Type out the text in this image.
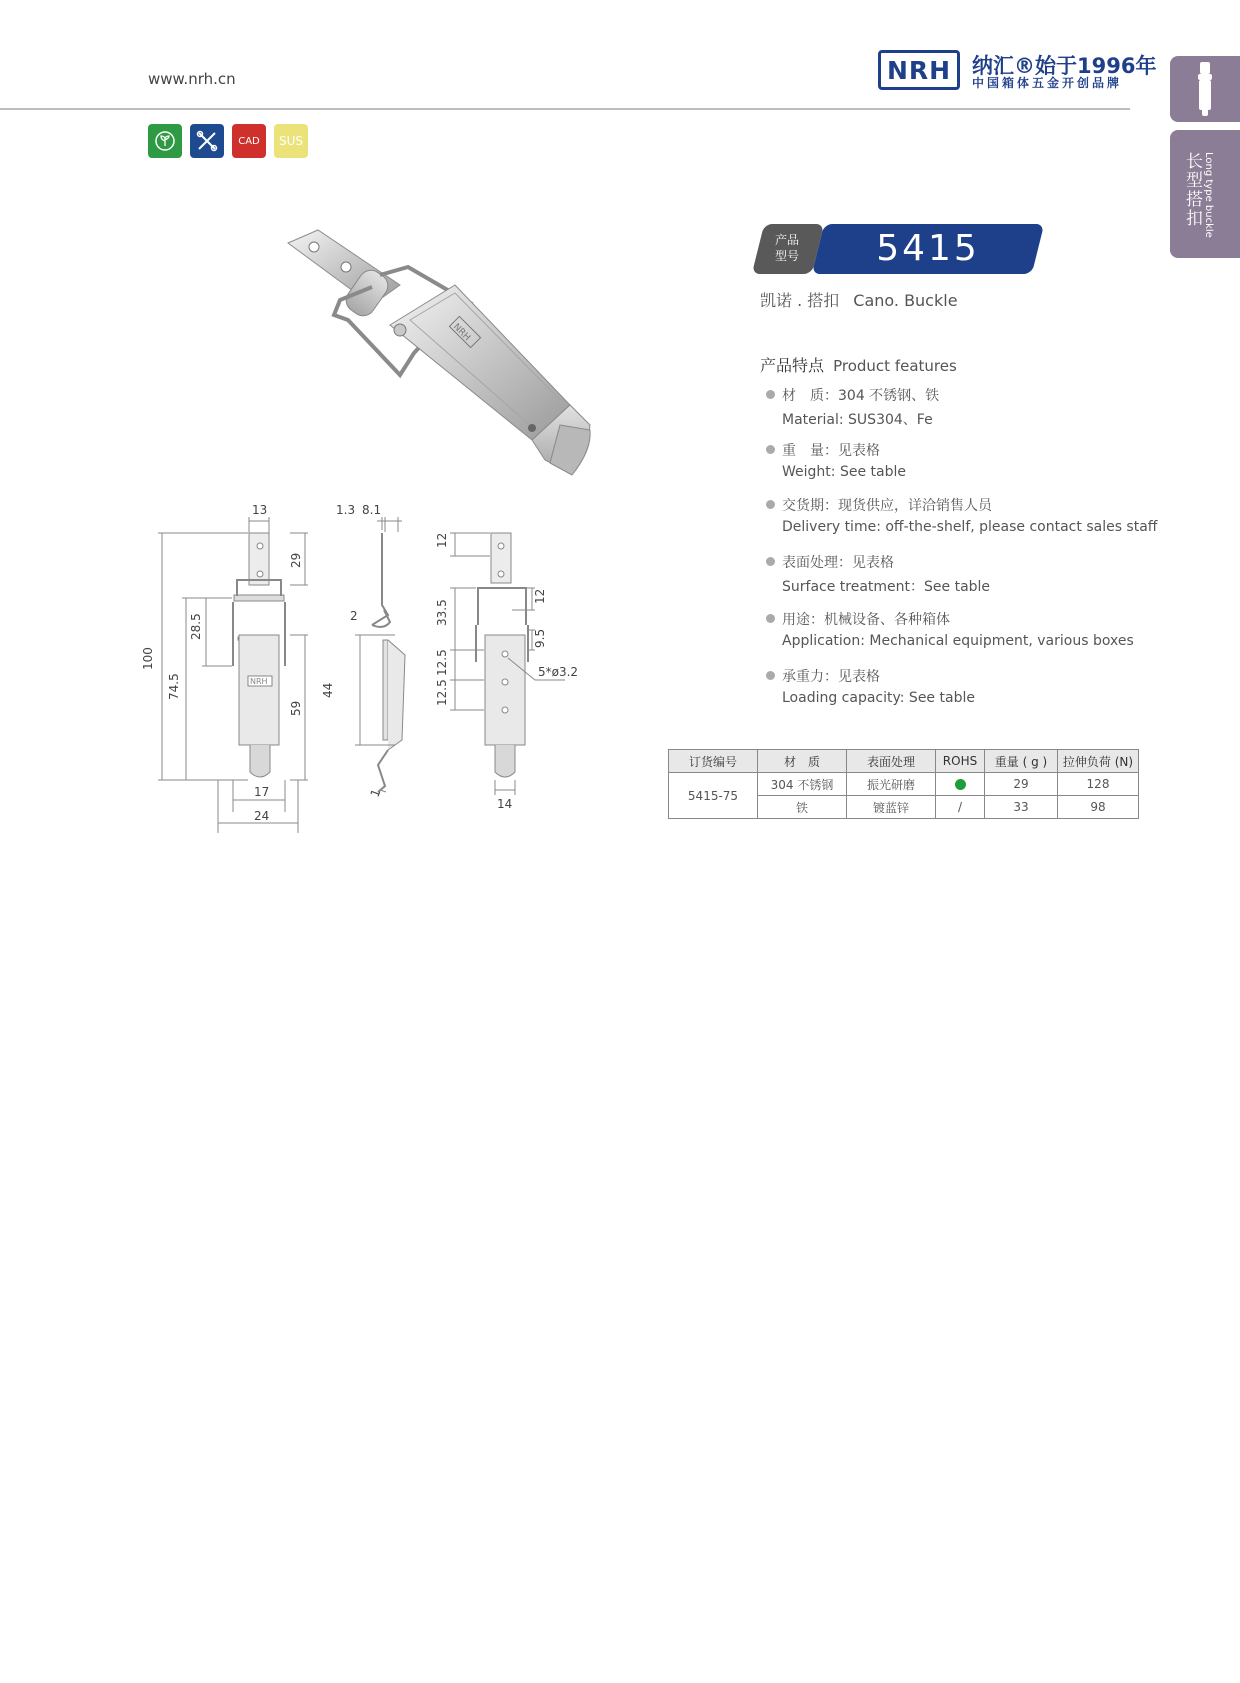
www.nrh.cn	NRH 纳汇®始于1996年
中国箱体五金开创品牌
长型搭扣 Long type buckle
CAD SUS
NRH
NRH
13
29
100
74.5
28.5
59
17
24
1.3 8.1
2
44
1
12
33.5
12.5
12.5
12
9.5
5*ø3.2
14
产品
型号	5415
凯诺 . 搭扣 Cano. Buckle
产品特点 Product features
材　质：304 不锈钢、铁
Material: SUS304、Fe
重　量：见表格
Weight: See table
交货期：现货供应，详洽销售人员
Delivery time: off-the-shelf, please contact sales staff
表面处理：见表格
Surface treatment：See table
用途：机械设备、各种箱体
Application: Mechanical equipment, various boxes
承重力：见表格
Loading capacity: See table
订货编号	材　质	表面处理	ROHS	重量 ( g )	拉伸负荷 (N)
5415-75	304 不锈钢	振光研磨		29	128
	铁	镀蓝锌	/	33	98
